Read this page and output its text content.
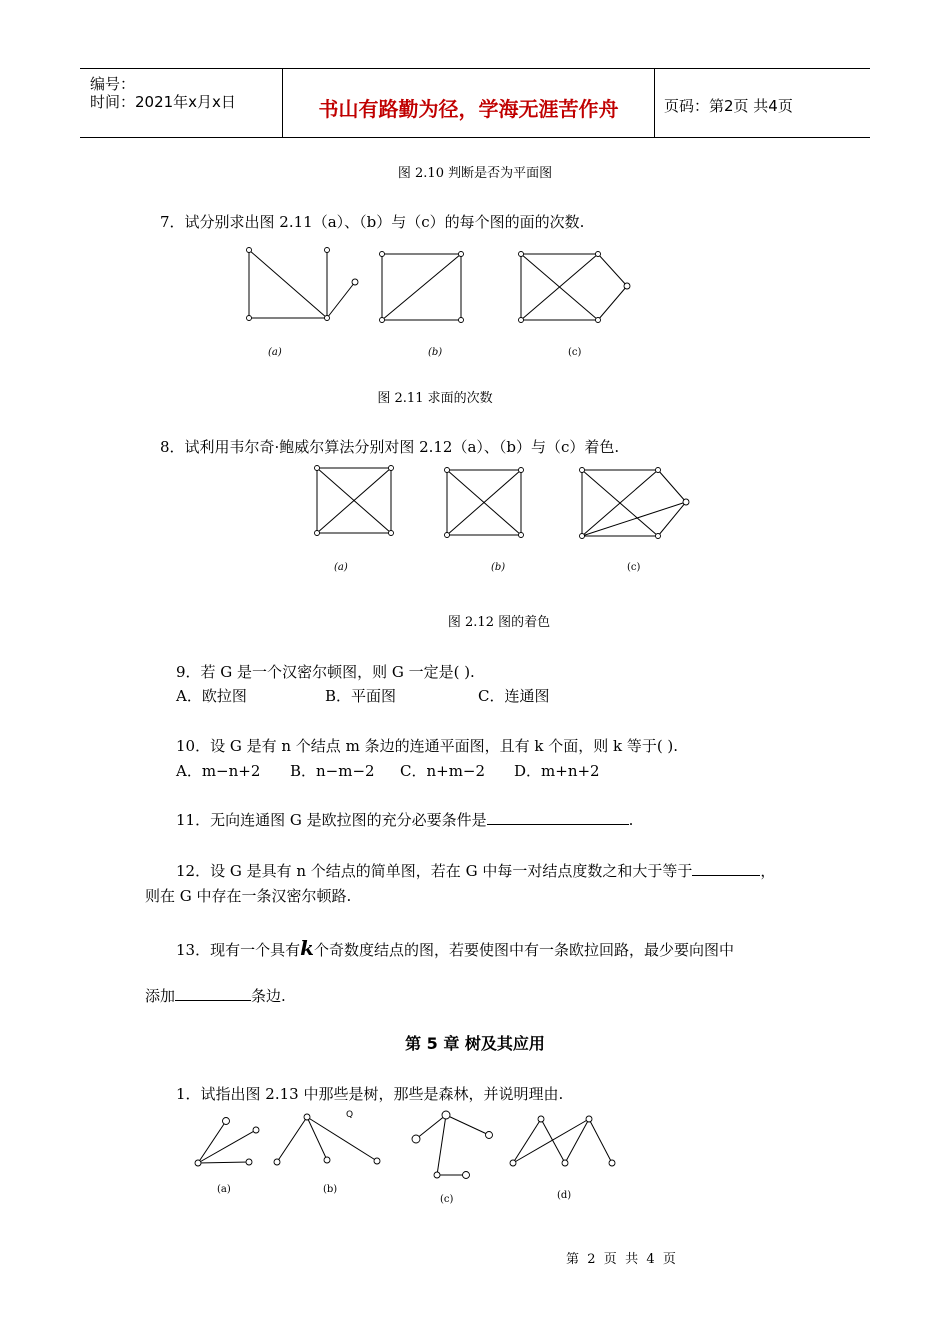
编号：
时间：2021年x月x日	书山有路勤为径，学海无涯苦作舟	页码：第2页 共4页
图 2.10 判断是否为平面图
7．试分别求出图 2.11（a）、（b）与（c）的每个图的面的次数.
(a)	(b)	(c)
图 2.11 求面的次数
8．试利用韦尔奇·鲍威尔算法分别对图 2.12（a）、（b）与（c）着色.
(a)	(b)	(c)
图 2.12 图的着色
9．若 G 是一个汉密尔顿图，则 G 一定是( ).
A．欧拉图	B．平面图	C．连通图
10．设 G 是有 n 个结点 m 条边的连通平面图，且有 k 个面，则 k 等于( ).
A．m−n+2 B．n−m−2 C．n+m−2 D．m+n+2
11．无向连通图 G 是欧拉图的充分必要条件是	.
12．设 G 是具有 n 个结点的简单图，若在 G 中每一对结点度数之和大于等于	，
则在 G 中存在一条汉密尔顿路.
13．现有一个具有k个奇数度结点的图，若要使图中有一条欧拉回路，最少要向图中
添加	条边.
第 5 章 树及其应用
1．试指出图 2.13 中那些是树，那些是森林，并说明理由.
Q
(a)	(b)
(c)	(d)
第  2  页  共  4  页
